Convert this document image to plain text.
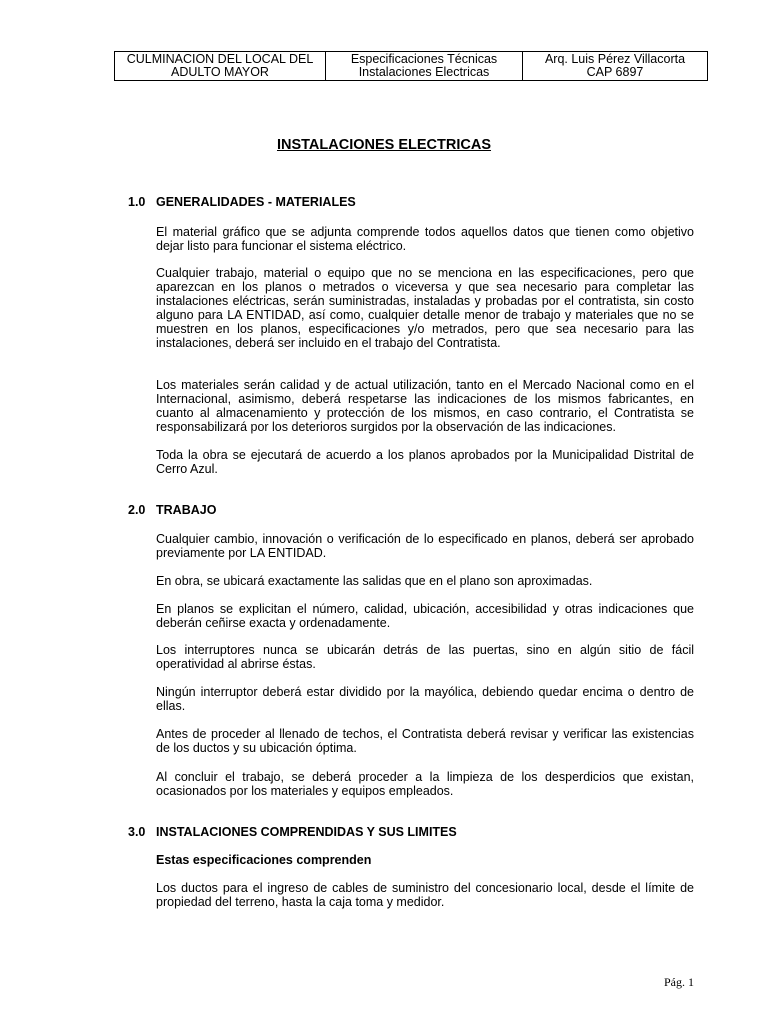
CULMINACION DEL LOCAL DEL
ADULTO MAYOR

Especificaciones Técnicas
Instalaciones Electricas

Arq. Luis Pérez Villacorta
CAP 6897
INSTALACIONES ELECTRICAS
1.0 GENERALIDADES - MATERIALES
El material gráfico que se adjunta comprende todos aquellos datos que tienen como objetivo dejar listo para funcionar el sistema eléctrico.
Cualquier trabajo, material o equipo que no se menciona en las especificaciones, pero que aparezcan en los planos o metrados o viceversa y que sea necesario para completar las instalaciones eléctricas, serán suministradas, instaladas y probadas por el contratista, sin costo alguno para LA ENTIDAD, así como, cualquier detalle menor de trabajo y materiales que no se muestren en los planos, especificaciones y/o metrados, pero que sea necesario para las instalaciones, deberá ser incluido en el trabajo del Contratista.
Los materiales serán calidad y de actual utilización, tanto en el Mercado Nacional como en el Internacional, asimismo, deberá respetarse las indicaciones de los mismos fabricantes, en cuanto al almacenamiento y protección de los mismos, en caso contrario, el Contratista se responsabilizará por los deterioros surgidos por la observación de las indicaciones.
Toda la obra se ejecutará de acuerdo a los planos aprobados por la Municipalidad Distrital de Cerro Azul.
2.0 TRABAJO
Cualquier cambio, innovación o verificación de lo especificado en planos, deberá ser aprobado previamente por LA ENTIDAD.
En obra, se ubicará exactamente las salidas que en el plano son aproximadas.
En planos se explicitan el número, calidad, ubicación, accesibilidad y otras indicaciones que deberán ceñirse exacta y ordenadamente.
Los interruptores nunca se ubicarán detrás de las puertas, sino en algún sitio de fácil operatividad al abrirse éstas.
Ningún interruptor deberá estar dividido por la mayólica, debiendo quedar encima o dentro de ellas.
Antes de proceder al llenado de techos, el Contratista deberá revisar y verificar las existencias de los ductos y su ubicación óptima.
Al concluir el trabajo, se deberá proceder a la limpieza de los desperdicios que existan, ocasionados por los materiales y equipos empleados.
3.0 INSTALACIONES COMPRENDIDAS Y SUS LIMITES
Estas especificaciones comprenden
Los ductos para el ingreso de cables de suministro del concesionario local, desde el límite de propiedad del terreno, hasta la caja toma y medidor.
Pág. 1
